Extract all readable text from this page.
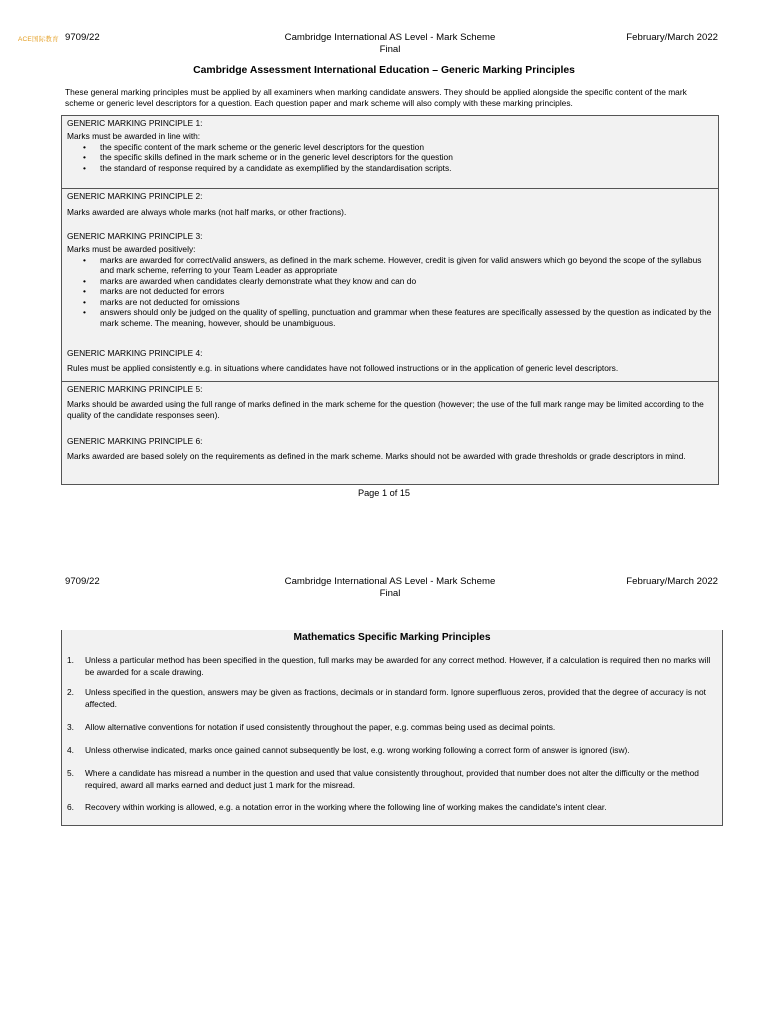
ACE国际教育 9709/22	Cambridge International AS Level - Mark Scheme
Final
February/March 2022
Cambridge Assessment International Education – Generic Marking Principles
These general marking principles must be applied by all examiners when marking candidate answers. They should be applied alongside the specific content of the mark scheme or generic level descriptors for a question. Each question paper and mark scheme will also comply with these marking principles.
GENERIC MARKING PRINCIPLE 1:
Marks must be awarded in line with:
• the specific content of the mark scheme or the generic level descriptors for the question
• the specific skills defined in the mark scheme or in the generic level descriptors for the question
• the standard of response required by a candidate as exemplified by the standardisation scripts.
GENERIC MARKING PRINCIPLE 2:
Marks awarded are always whole marks (not half marks, or other fractions).
GENERIC MARKING PRINCIPLE 3:
Marks must be awarded positively:
• marks are awarded for correct/valid answers, as defined in the mark scheme. However, credit is given for valid answers which go beyond the scope of the syllabus and mark scheme, referring to your Team Leader as appropriate
• marks are awarded when candidates clearly demonstrate what they know and can do
• marks are not deducted for errors
• marks are not deducted for omissions
• answers should only be judged on the quality of spelling, punctuation and grammar when these features are specifically assessed by the question as indicated by the mark scheme. The meaning, however, should be unambiguous.
GENERIC MARKING PRINCIPLE 4:
Rules must be applied consistently e.g. in situations where candidates have not followed instructions or in the application of generic level descriptors.
GENERIC MARKING PRINCIPLE 5:
Marks should be awarded using the full range of marks defined in the mark scheme for the question (however; the use of the full mark range may be limited according to the quality of the candidate responses seen).
GENERIC MARKING PRINCIPLE 6:
Marks awarded are based solely on the requirements as defined in the mark scheme. Marks should not be awarded with grade thresholds or grade descriptors in mind.
Page 1 of 15
9709/22	Cambridge International AS Level - Mark Scheme
Final
February/March 2022
Mathematics Specific Marking Principles
1. Unless a particular method has been specified in the question, full marks may be awarded for any correct method. However, if a calculation is required then no marks will be awarded for a scale drawing.
2. Unless specified in the question, answers may be given as fractions, decimals or in standard form. Ignore superfluous zeros, provided that the degree of accuracy is not affected.
3. Allow alternative conventions for notation if used consistently throughout the paper, e.g. commas being used as decimal points.
4. Unless otherwise indicated, marks once gained cannot subsequently be lost, e.g. wrong working following a correct form of answer is ignored (isw).
5. Where a candidate has misread a number in the question and used that value consistently throughout, provided that number does not alter the difficulty or the method required, award all marks earned and deduct just 1 mark for the misread.
6. Recovery within working is allowed, e.g. a notation error in the working where the following line of working makes the candidate's intent clear.
